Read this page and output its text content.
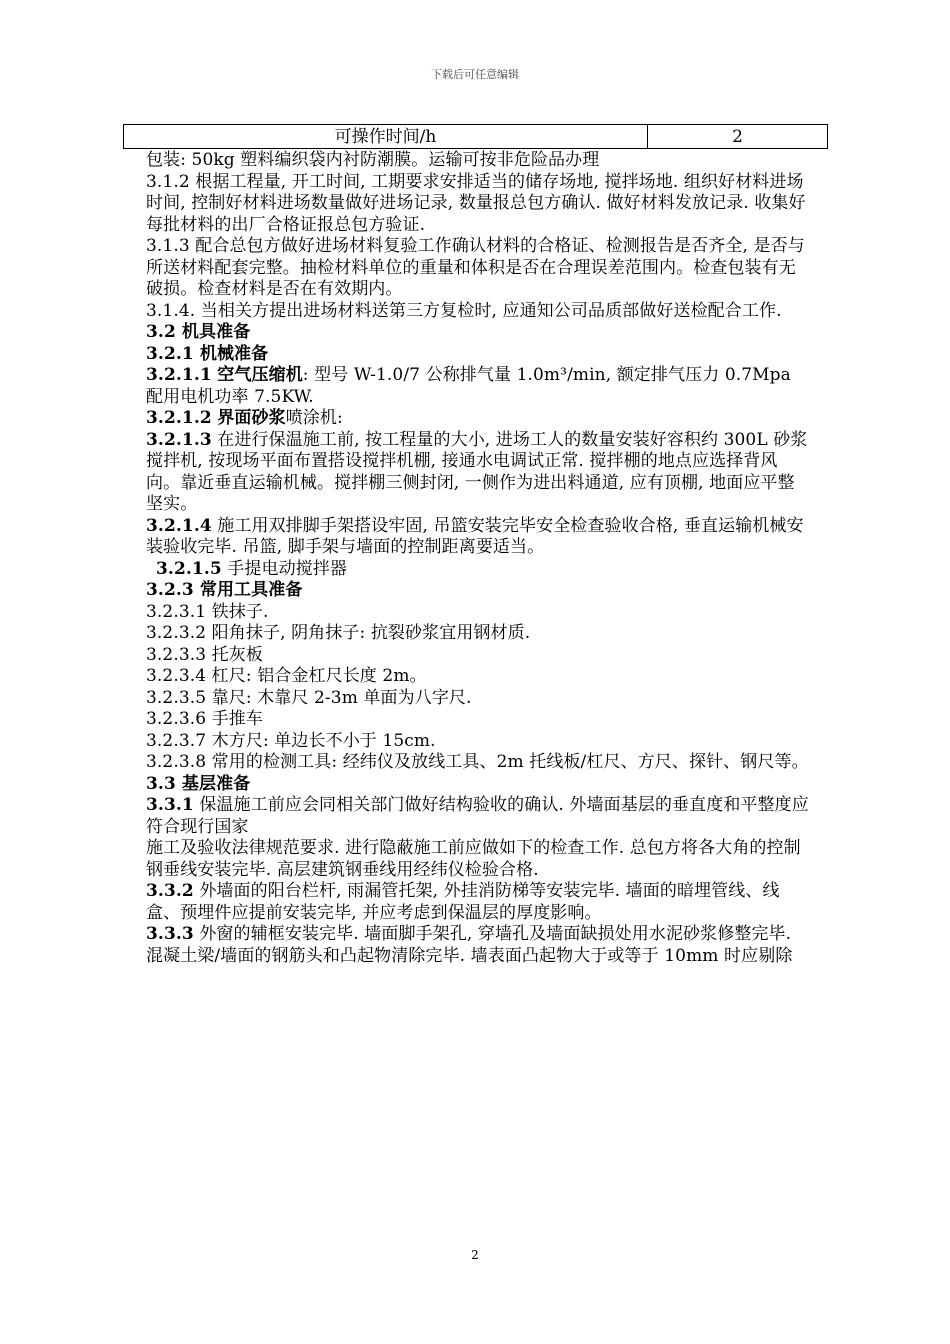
下载后可任意编辑
可操作时间/h	2

包装: 50kg 塑料编织袋内衬防潮膜。运输可按非危险品办理

3.1.2 根据工程量, 开工时间, 工期要求安排适当的储存场地, 搅拌场地. 组织好材料进场时间, 控制好材料进场数量做好进场记录, 数量报总包方确认. 做好材料发放记录. 收集好每批材料的出厂合格证报总包方验证.

3.1.3 配合总包方做好进场材料复验工作确认材料的合格证、检测报告是否齐全, 是否与所送材料配套完整。抽检材料单位的重量和体积是否在合理误差范围内。检查包装有无破损。检查材料是否在有效期内。

3.1.4. 当相关方提出进场材料送第三方复检时, 应通知公司品质部做好送检配合工作.

3.2 机具准备

3.2.1 机械准备

3.2.1.1 空气压缩机: 型号 W-1.0/7 公称排气量 1.0m³/min, 额定排气压力 0.7Mpa 配用电机功率 7.5KW.

3.2.1.2 界面砂浆喷涂机:

3.2.1.3 在进行保温施工前, 按工程量的大小, 进场工人的数量安装好容积约 300L 砂浆搅拌机, 按现场平面布置搭设搅拌机棚, 接通水电调试正常. 搅拌棚的地点应选择背风向。靠近垂直运输机械。搅拌棚三侧封闭, 一侧作为进出料通道, 应有顶棚, 地面应平整坚实。

3.2.1.4 施工用双排脚手架搭设牢固, 吊篮安装完毕安全检查验收合格, 垂直运输机械安装验收完毕. 吊篮, 脚手架与墙面的控制距离要适当。

3.2.1.5 手提电动搅拌器

3.2.3 常用工具准备

3.2.3.1 铁抹子.

3.2.3.2 阳角抹子, 阴角抹子: 抗裂砂浆宜用钢材质.

3.2.3.3 托灰板

3.2.3.4 杠尺: 铝合金杠尺长度 2m。

3.2.3.5 靠尺: 木靠尺 2-3m 单面为八字尺.

3.2.3.6 手推车

3.2.3.7 木方尺: 单边长不小于 15cm.

3.2.3.8 常用的检测工具: 经纬仪及放线工具、2m 托线板/杠尺、方尺、探针、钢尺等。

3.3 基层准备

3.3.1 保温施工前应会同相关部门做好结构验收的确认. 外墙面基层的垂直度和平整度应符合现行国家

施工及验收法律规范要求. 进行隐蔽施工前应做如下的检查工作. 总包方将各大角的控制钢垂线安装完毕. 高层建筑钢垂线用经纬仪检验合格.

3.3.2 外墙面的阳台栏杆, 雨漏管托架, 外挂消防梯等安装完毕. 墙面的暗埋管线、线盒、预埋件应提前安装完毕, 并应考虑到保温层的厚度影响。

3.3.3 外窗的辅框安装完毕. 墙面脚手架孔, 穿墙孔及墙面缺损处用水泥砂浆修整完毕.

混凝土梁/墙面的钢筋头和凸起物清除完毕. 墙表面凸起物大于或等于 10mm 时应剔除

2
